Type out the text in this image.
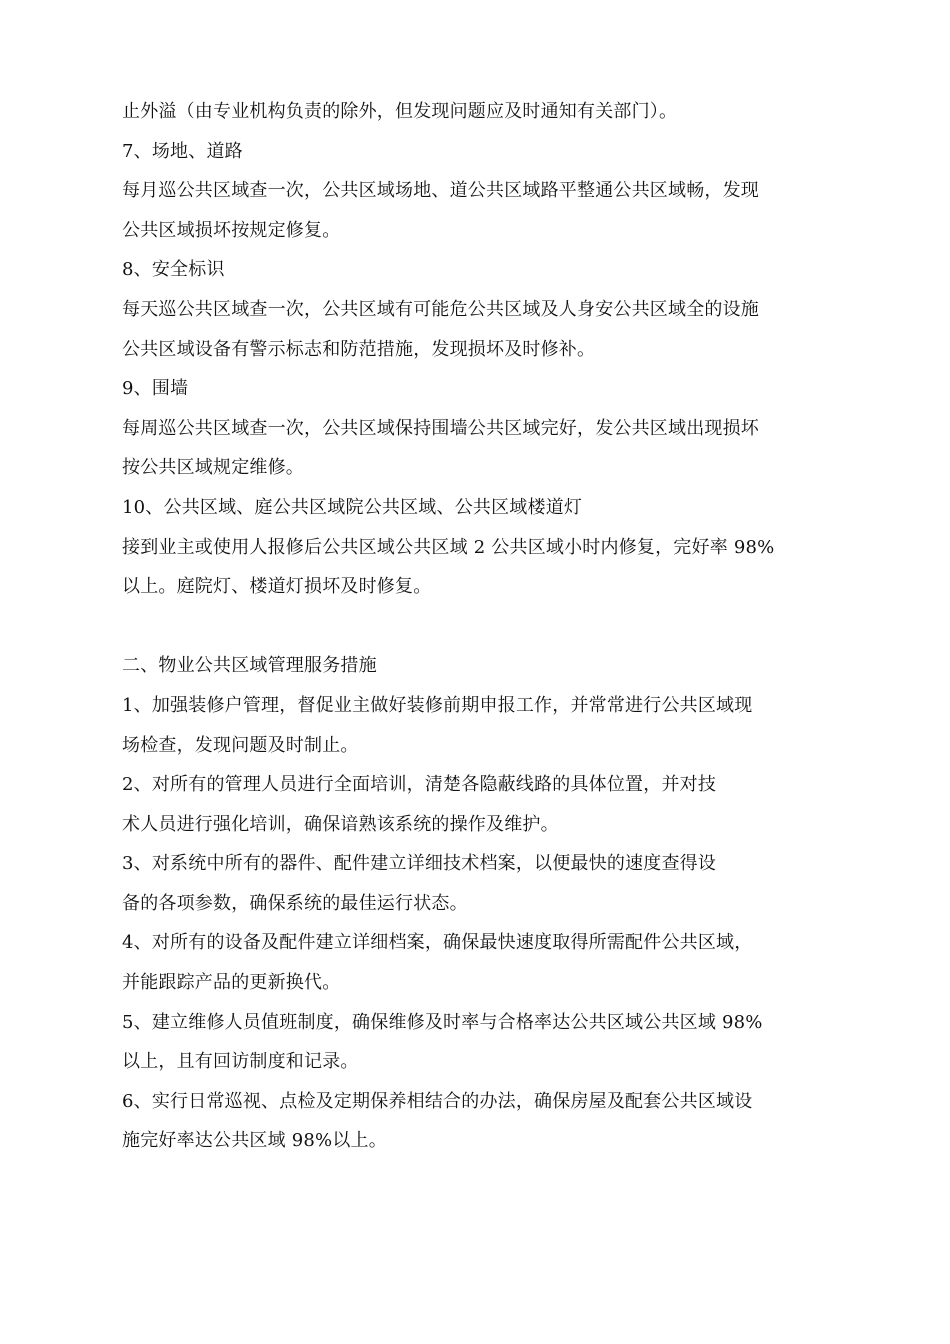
止外溢（由专业机构负责的除外，但发现问题应及时通知有关部门）。
7、场地、道路
每月巡公共区域查一次，公共区域场地、道公共区域路平整通公共区域畅，发现
公共区域损坏按规定修复。
8、安全标识
每天巡公共区域查一次，公共区域有可能危公共区域及人身安公共区域全的设施
公共区域设备有警示标志和防范措施，发现损坏及时修补。
9、围墙
每周巡公共区域查一次，公共区域保持围墙公共区域完好，发公共区域出现损坏
按公共区域规定维修。
10、公共区域、庭公共区域院公共区域、公共区域楼道灯
接到业主或使用人报修后公共区域公共区域 2 公共区域小时内修复，完好率 98%
以上。庭院灯、楼道灯损坏及时修复。
二、物业公共区域管理服务措施
1、加强装修户管理，督促业主做好装修前期申报工作，并常常进行公共区域现
场检查，发现问题及时制止。
2、对所有的管理人员进行全面培训，清楚各隐蔽线路的具体位置，并对技
术人员进行强化培训，确保谙熟该系统的操作及维护。
3、对系统中所有的器件、配件建立详细技术档案，以便最快的速度查得设
备的各项参数，确保系统的最佳运行状态。
4、对所有的设备及配件建立详细档案，确保最快速度取得所需配件公共区域，
并能跟踪产品的更新换代。
5、建立维修人员值班制度，确保维修及时率与合格率达公共区域公共区域 98%
以上，且有回访制度和记录。
6、实行日常巡视、点检及定期保养相结合的办法，确保房屋及配套公共区域设
施完好率达公共区域 98%以上。
